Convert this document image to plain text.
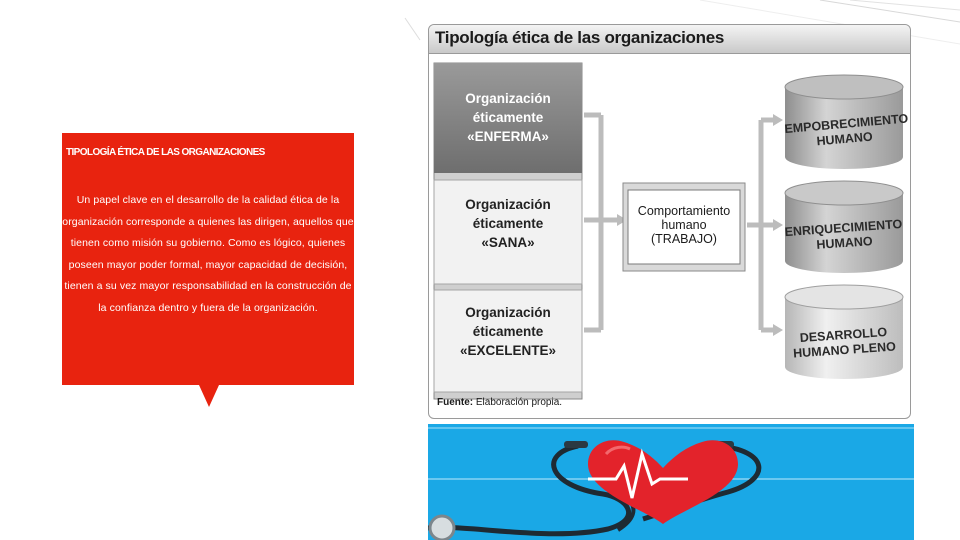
TIPOLOGÍA ÉTICA DE LAS ORGANIZACIONES
Un papel clave en el desarrollo de la calidad ética de la organización corresponde a quienes las dirigen, aquellos que tienen como misión su gobierno. Como es lógico, quienes poseen mayor poder formal, mayor capacidad de decisión, tienen a su vez mayor responsabilidad en la construcción de la confianza dentro y fuera de la organización.
Tipología ética de las organizaciones
Organización
éticamente
«ENFERMA»
Organización
éticamente
«SANA»
Organización
éticamente
«EXCELENTE»
Comportamiento
humano
(TRABAJO)
EMPOBRECIMIENTO
HUMANO
ENRIQUECIMIENTO
HUMANO
DESARROLLO
HUMANO PLENO
Fuente: Elaboración propia.
